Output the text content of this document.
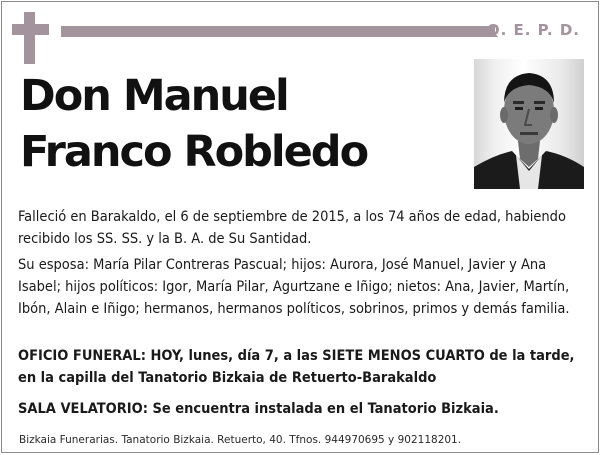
Q. E. P. D.
Don Manuel
Franco Robledo

Falleció en Barakaldo, el 6 de septiembre de 2015, a los 74 años de edad, habiendo recibido los SS. SS. y la B. A. de Su Santidad.

Su esposa: María Pilar Contreras Pascual; hijos: Aurora, José Manuel, Javier y Ana Isabel; hijos políticos: Igor, María Pilar, Agurtzane e Iñigo; nietos: Ana, Javier, Martín, Ibón, Alain e Iñigo; hermanos, hermanos políticos, sobrinos, primos y demás familia.

OFICIO FUNERAL: HOY, lunes, día 7, a las SIETE MENOS CUARTO de la tarde, en la capilla del Tanatorio Bizkaia de Retuerto-Barakaldo

SALA VELATORIO: Se encuentra instalada en el Tanatorio Bizkaia.

Bizkaia Funerarias. Tanatorio Bizkaia. Retuerto, 40. Tfnos. 944970695 y 902118201.
